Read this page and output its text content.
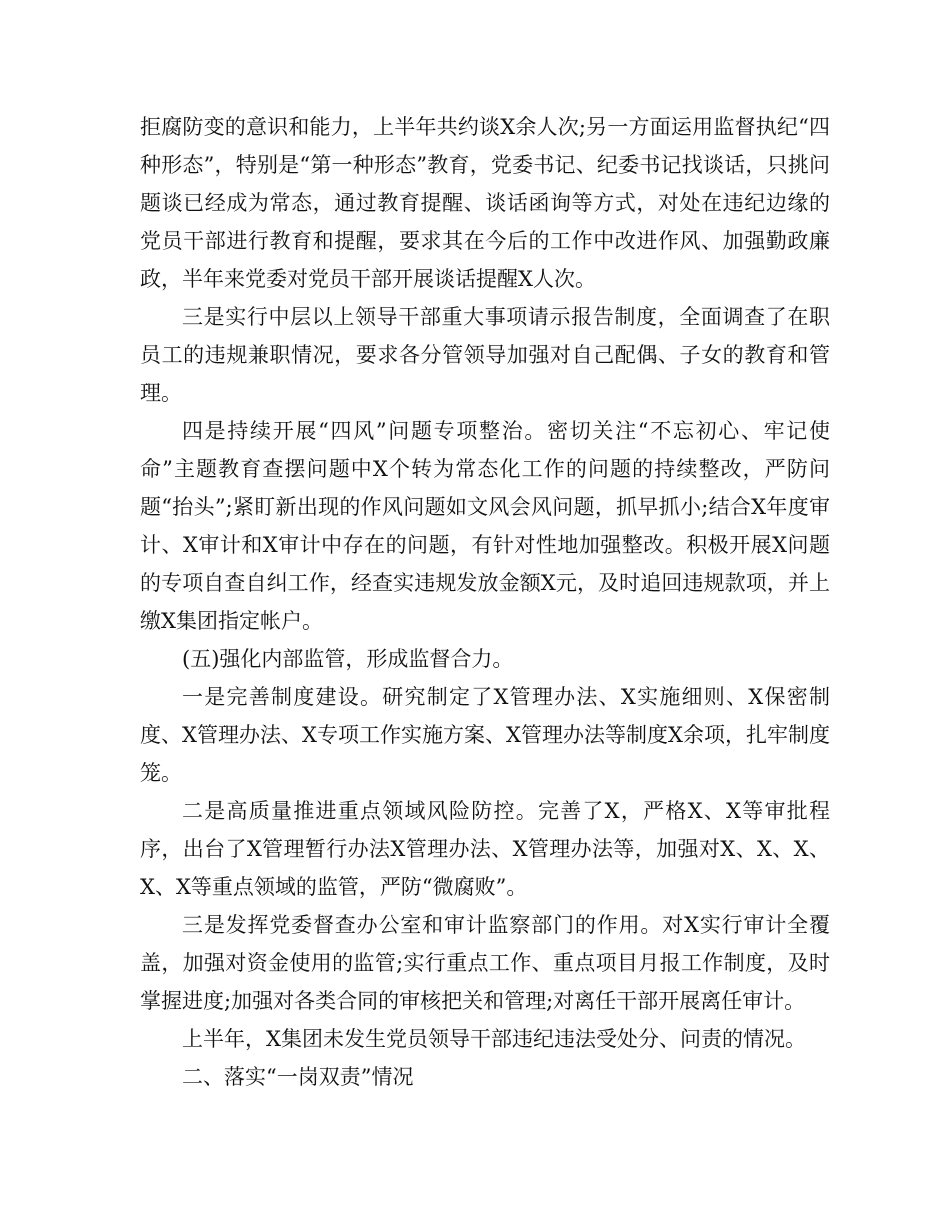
拒腐防变的意识和能力，上半年共约谈X余人次;另一方面运用监督执纪“四种形态”，特别是“第一种形态”教育，党委书记、纪委书记找谈话，只挑问题谈已经成为常态，通过教育提醒、谈话函询等方式，对处在违纪边缘的党员干部进行教育和提醒，要求其在今后的工作中改进作风、加强勤政廉政，半年来党委对党员干部开展谈话提醒X人次。

三是实行中层以上领导干部重大事项请示报告制度，全面调查了在职员工的违规兼职情况，要求各分管领导加强对自己配偶、子女的教育和管理。

四是持续开展“四风”问题专项整治。密切关注“不忘初心、牢记使命”主题教育查摆问题中X个转为常态化工作的问题的持续整改，严防问题“抬头”;紧盯新出现的作风问题如文风会风问题，抓早抓小;结合X年度审计、X审计和X审计中存在的问题，有针对性地加强整改。积极开展X问题的专项自查自纠工作，经查实违规发放金额X元，及时追回违规款项，并上缴X集团指定帐户。

(五)强化内部监管，形成监督合力。

一是完善制度建设。研究制定了X管理办法、X实施细则、X保密制度、X管理办法、X专项工作实施方案、X管理办法等制度X余项，扎牢制度笼。

二是高质量推进重点领域风险防控。完善了X，严格X、X等审批程序，出台了X管理暂行办法X管理办法、X管理办法等，加强对X、X、X、X、X等重点领域的监管，严防“微腐败”。

三是发挥党委督查办公室和审计监察部门的作用。对X实行审计全覆盖，加强对资金使用的监管;实行重点工作、重点项目月报工作制度，及时掌握进度;加强对各类合同的审核把关和管理;对离任干部开展离任审计。

上半年，X集团未发生党员领导干部违纪违法受处分、问责的情况。

二、落实“一岗双责”情况
